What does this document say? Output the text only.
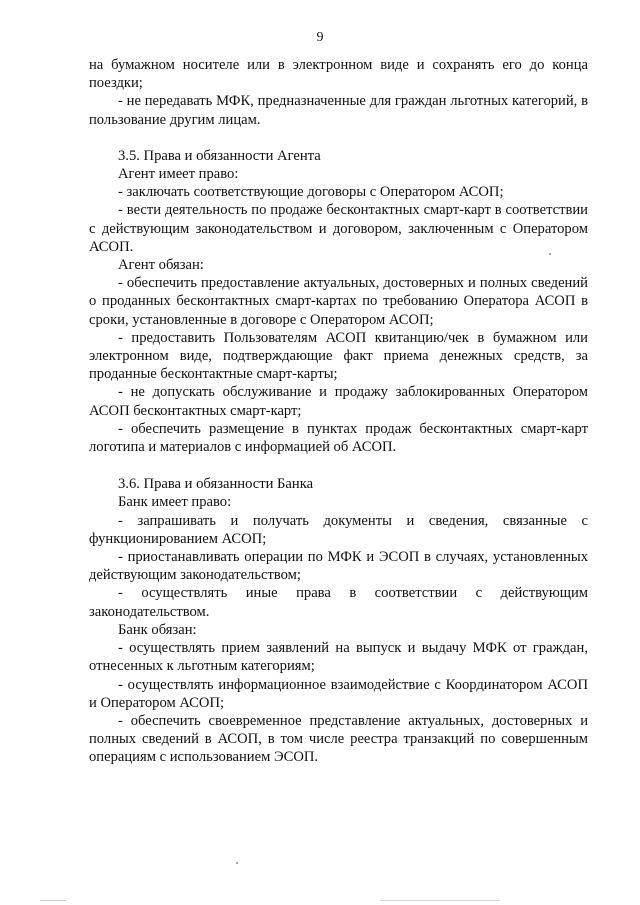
9

на бумажном носителе или в электронном виде и сохранять его до конца поездки;

- не передавать МФК, предназначенные для граждан льготных категорий, в пользование другим лицам.

3.5. Права и обязанности Агента

Агент имеет право:

- заключать соответствующие договоры с Оператором АСОП;

- вести деятельность по продаже бесконтактных смарт-карт в соответствии с действующим законодательством и договором, заключенным с Оператором АСОП.

Агент обязан:

- обеспечить предоставление актуальных, достоверных и полных сведений о проданных бесконтактных смарт-картах по требованию Оператора АСОП в сроки, установленные в договоре с Оператором АСОП;

- предоставить Пользователям АСОП квитанцию/чек в бумажном или электронном виде, подтверждающие факт приема денежных средств, за проданные бесконтактные смарт-карты;

- не допускать обслуживание и продажу заблокированных Оператором АСОП бесконтактных смарт-карт;

- обеспечить размещение в пунктах продаж бесконтактных смарт-карт логотипа и материалов с информацией об АСОП.

3.6. Права и обязанности Банка

Банк имеет право:

- запрашивать и получать документы и сведения, связанные с функционированием АСОП;

- приостанавливать операции по МФК и ЭСОП в случаях, установленных действующим законодательством;

- осуществлять иные права в соответствии с действующим законодательством.

Банк обязан:

- осуществлять прием заявлений на выпуск и выдачу МФК от граждан, отнесенных к льготным категориям;

- осуществлять информационное взаимодействие с Координатором АСОП и Оператором АСОП;

- обеспечить своевременное представление актуальных, достоверных и полных сведений в АСОП, в том числе реестра транзакций по совершенным операциям с использованием ЭСОП.
